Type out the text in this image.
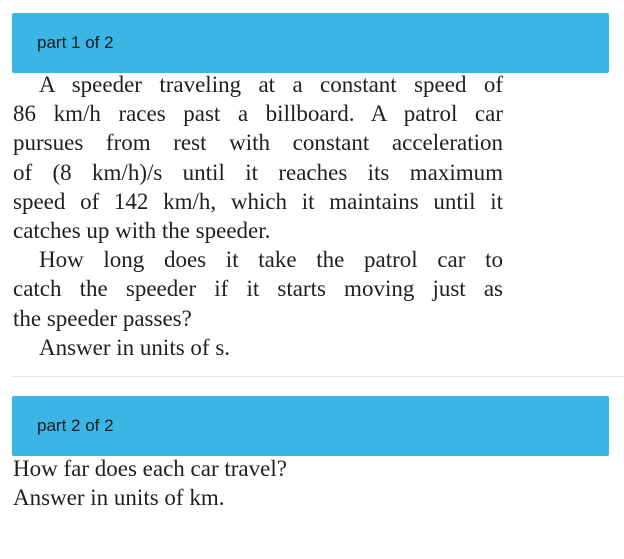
part 1 of 2
A speeder traveling at a constant speed of
86 km/h races past a billboard. A patrol car
pursues from rest with constant acceleration
of (8 km/h)/s until it reaches its maximum
speed of 142 km/h, which it maintains until it
catches up with the speeder.
How long does it take the patrol car to
catch the speeder if it starts moving just as
the speeder passes?
Answer in units of s.
part 2 of 2
How far does each car travel?
Answer in units of km.
